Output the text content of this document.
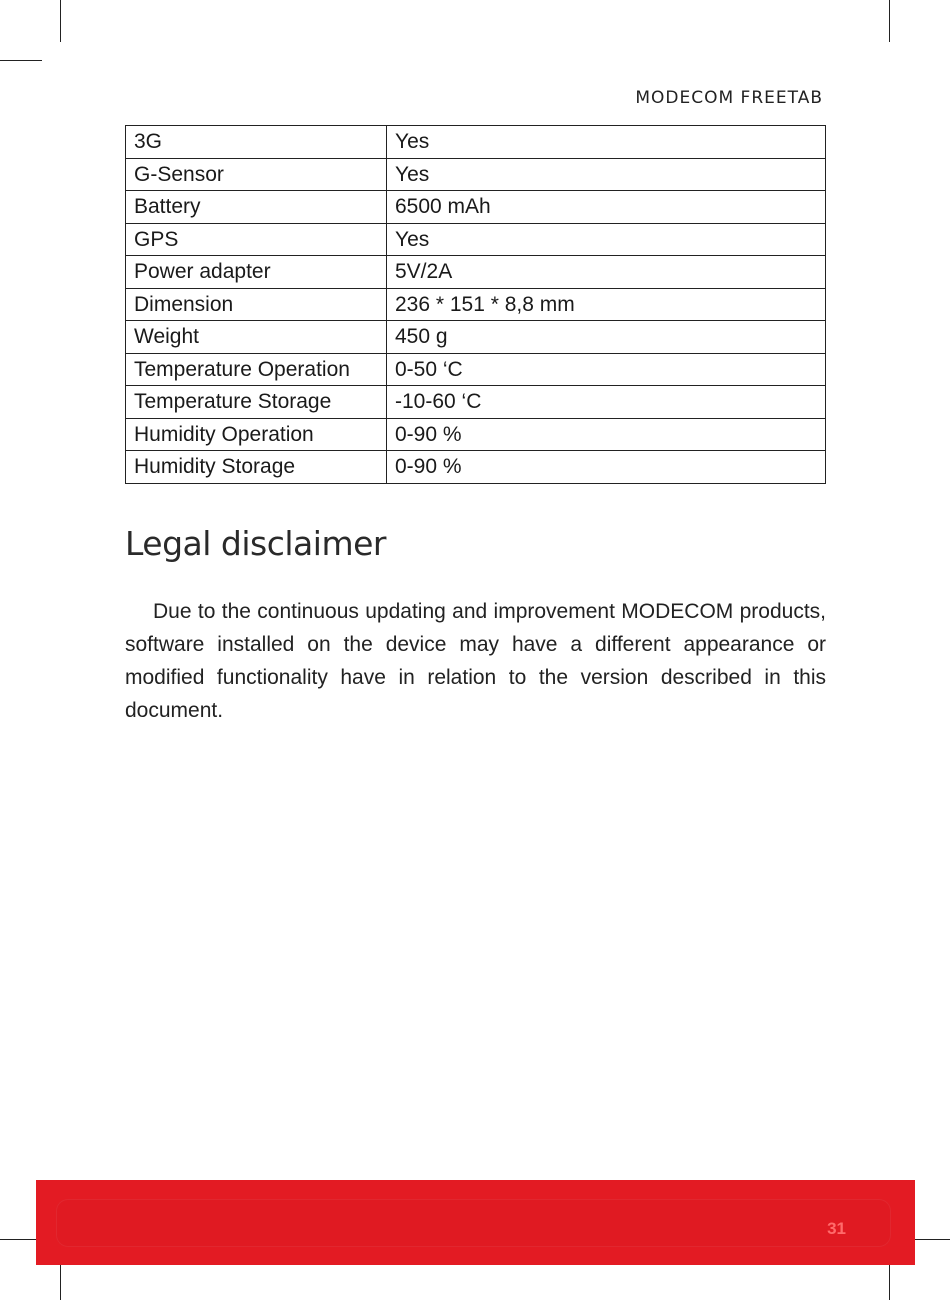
MODECOM FREETAB
3G	Yes
G-Sensor	Yes
Battery	6500 mAh
GPS	Yes
Power adapter	5V/2A
Dimension	236 * 151 * 8,8 mm
Weight	450 g
Temperature Operation	0-50 ‘C
Temperature Storage	-10-60 ‘C
Humidity Operation	0-90 %
Humidity Storage	0-90 %
Legal disclaimer

Due to the continuous updating and improvement MODECOM products, software installed on the device may have a different appearance or modified functionality have in relation to the version described in this document.

31
